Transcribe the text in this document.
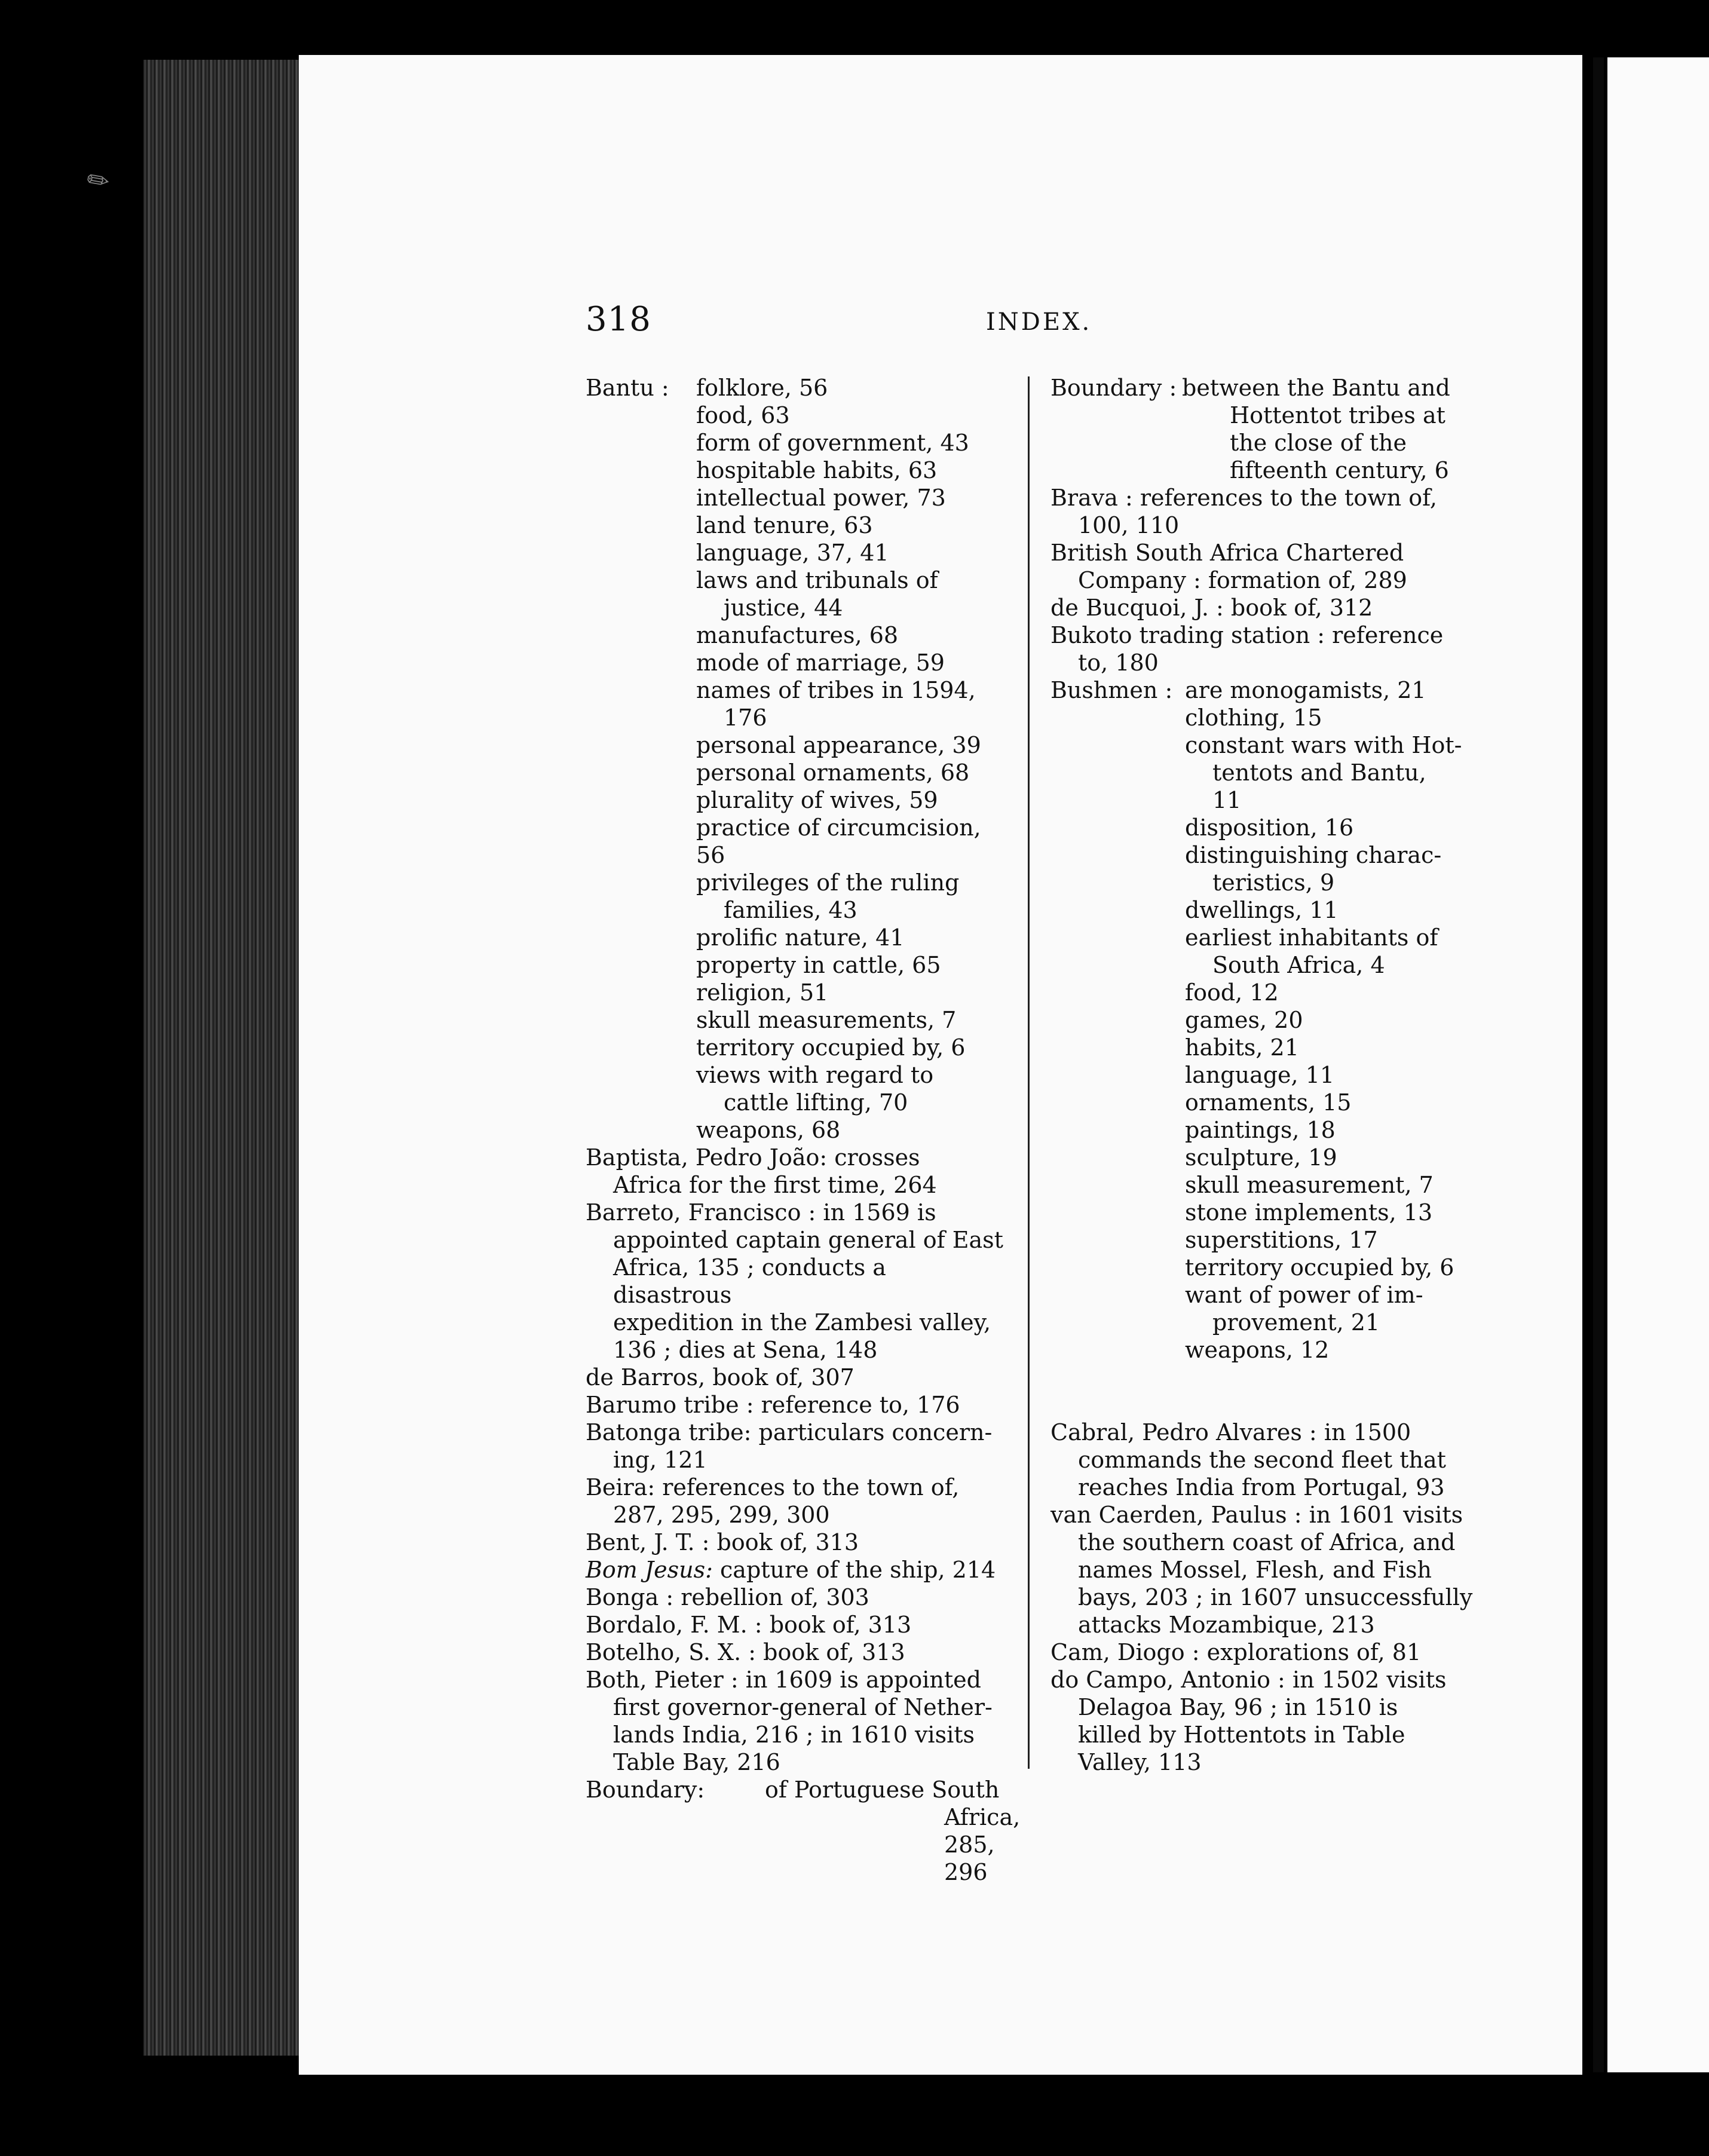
✎
318	INDEX.
Bantu : folklore, 56

food, 63

form of government, 43

hospitable habits, 63

intellectual power, 73

land tenure, 63

language, 37, 41

laws and tribunals of

justice, 44

manufactures, 68

mode of marriage, 59

names of tribes in 1594,

176

personal appearance, 39

personal ornaments, 68

plurality of wives, 59

practice of circumcision, 56

privileges of the ruling

families, 43

prolific nature, 41

property in cattle, 65

religion, 51

skull measurements, 7

territory occupied by, 6

views with regard to

cattle lifting, 70

weapons, 68

Baptista, Pedro João: crosses

Africa for the first time, 264

Barreto, Francisco : in 1569 is

appointed captain general of East

Africa, 135 ; conducts a disastrous

expedition in the Zambesi valley,

136 ; dies at Sena, 148

de Barros, book of, 307

Barumo tribe : reference to, 176

Batonga tribe: particulars concern-

ing, 121

Beira: references to the town of,

287, 295, 299, 300

Bent, J. T. : book of, 313

Bom Jesus: capture of the ship, 214

Bonga : rebellion of, 303

Bordalo, F. M. : book of, 313

Botelho, S. X. : book of, 313

Both, Pieter : in 1609 is appointed

first governor-general of Nether-

lands India, 216 ; in 1610 visits

Table Bay, 216

Boundary:	of Portuguese South

Africa, 285, 296

Boundary : between the Bantu and

Hottentot tribes at

the close of the

fifteenth century, 6

Brava : references to the town of,

100, 110

British South Africa Chartered

Company : formation of, 289

de Bucquoi, J. : book of, 312

Bukoto trading station : reference

to, 180

Bushmen : are monogamists, 21

clothing, 15

constant wars with Hot-

tentots and Bantu,

11

disposition, 16

distinguishing charac-

teristics, 9

dwellings, 11

earliest inhabitants of

South Africa, 4

food, 12

games, 20

habits, 21

language, 11

ornaments, 15

paintings, 18

sculpture, 19

skull measurement, 7

stone implements, 13

superstitions, 17

territory occupied by, 6

want of power of im-

provement, 21

weapons, 12

Cabral, Pedro Alvares : in 1500

commands the second fleet that

reaches India from Portugal, 93

van Caerden, Paulus : in 1601 visits

the southern coast of Africa, and

names Mossel, Flesh, and Fish

bays, 203 ; in 1607 unsuccessfully

attacks Mozambique, 213

Cam, Diogo : explorations of, 81

do Campo, Antonio : in 1502 visits

Delagoa Bay, 96 ; in 1510 is

killed by Hottentots in Table

Valley, 113
